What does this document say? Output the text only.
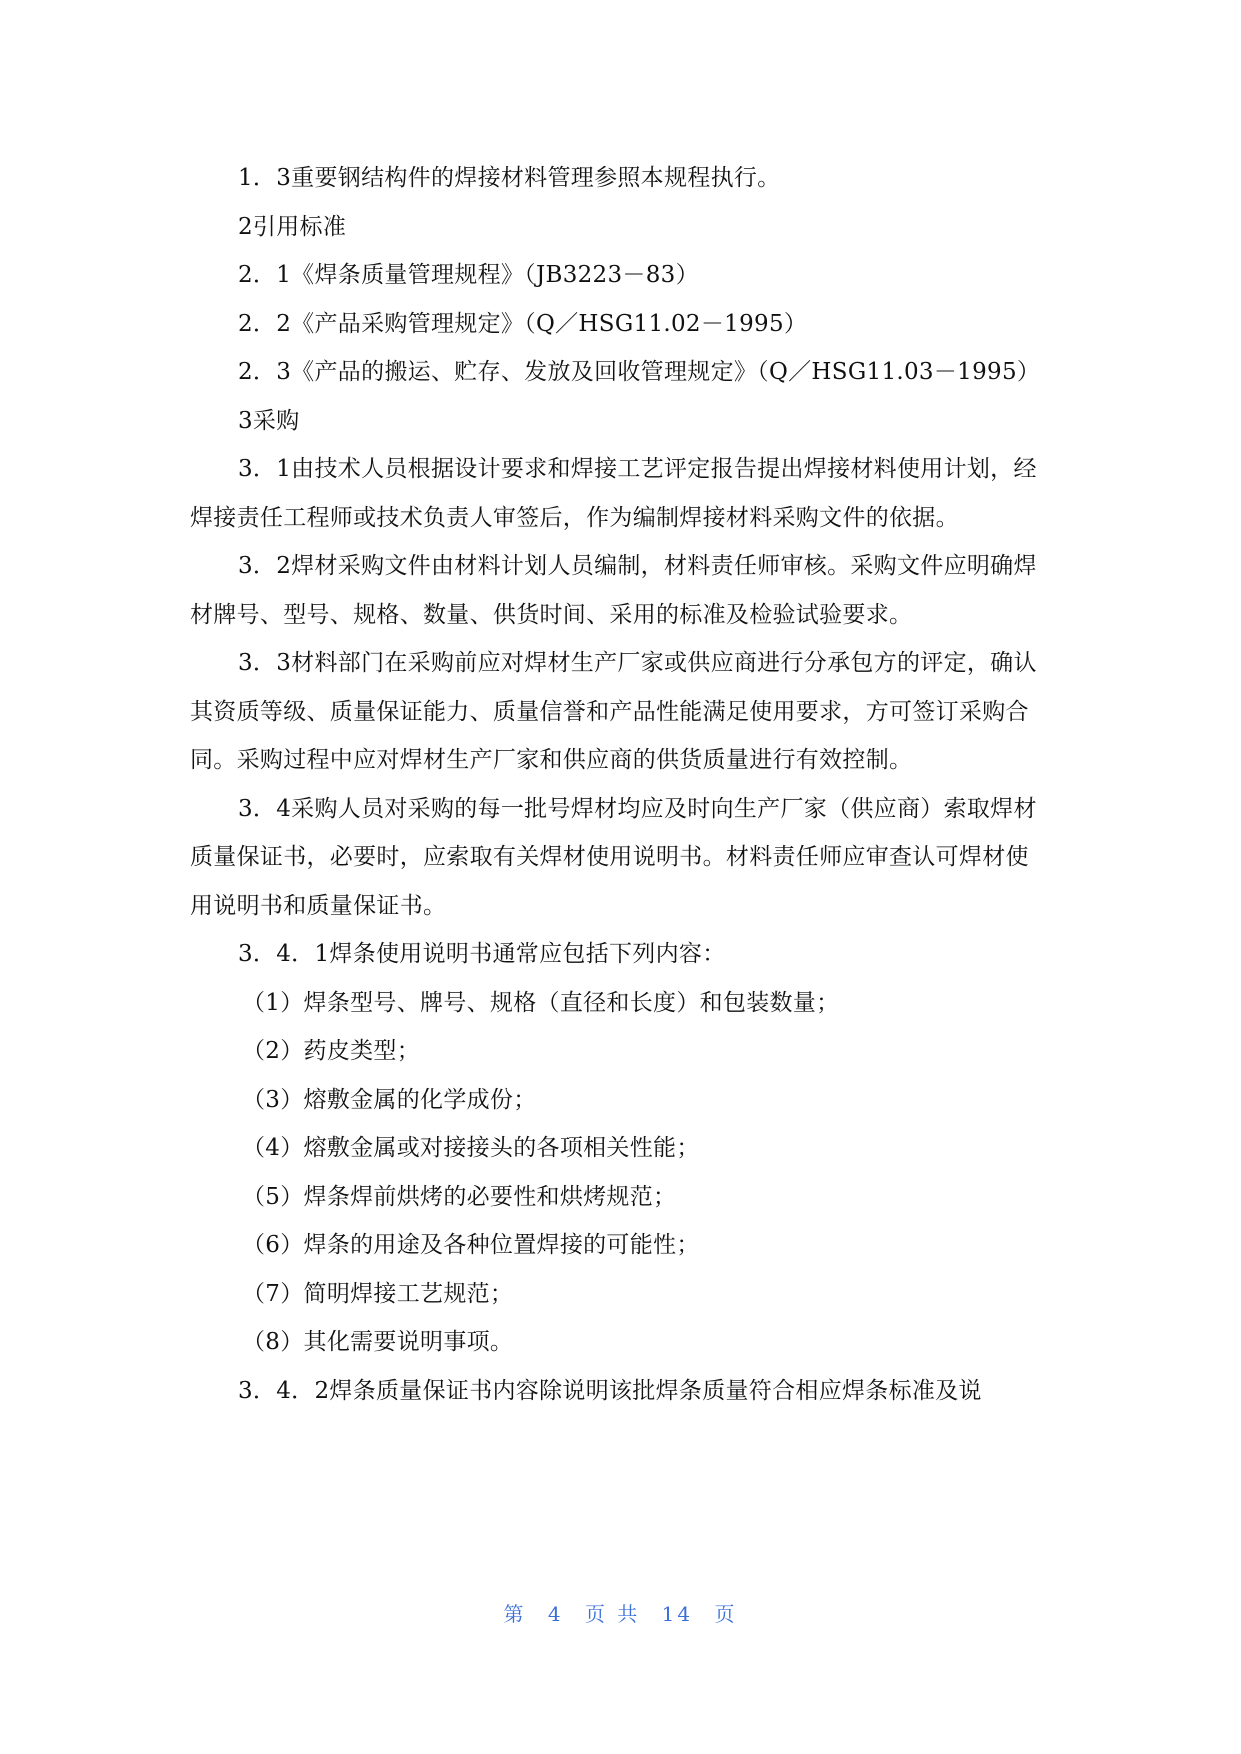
1．3重要钢结构件的焊接材料管理参照本规程执行。

2引用标准

2．1《焊条质量管理规程》（JB3223－83）

2．2《产品采购管理规定》（Q／HSG11.02－1995）

2．3《产品的搬运、贮存、发放及回收管理规定》（Q／HSG11.03－1995）

3采购

3．1由技术人员根据设计要求和焊接工艺评定报告提出焊接材料使用计划，经焊接责任工程师或技术负责人审签后，作为编制焊接材料采购文件的依据。

3．2焊材采购文件由材料计划人员编制，材料责任师审核。采购文件应明确焊材牌号、型号、规格、数量、供货时间、采用的标准及检验试验要求。

3．3材料部门在采购前应对焊材生产厂家或供应商进行分承包方的评定，确认其资质等级、质量保证能力、质量信誉和产品性能满足使用要求，方可签订采购合同。采购过程中应对焊材生产厂家和供应商的供货质量进行有效控制。

3．4采购人员对采购的每一批号焊材均应及时向生产厂家（供应商）索取焊材质量保证书，必要时，应索取有关焊材使用说明书。材料责任师应审查认可焊材使用说明书和质量保证书。

3．4．1焊条使用说明书通常应包括下列内容：

（1）焊条型号、牌号、规格（直径和长度）和包装数量；

（2）药皮类型；

（3）熔敷金属的化学成份；

（4）熔敷金属或对接接头的各项相关性能；

（5）焊条焊前烘烤的必要性和烘烤规范；

（6）焊条的用途及各种位置焊接的可能性；

（7）简明焊接工艺规范；

（8）其化需要说明事项。

3．4．2焊条质量保证书内容除说明该批焊条质量符合相应焊条标准及说

第 4 页 共 14 页
